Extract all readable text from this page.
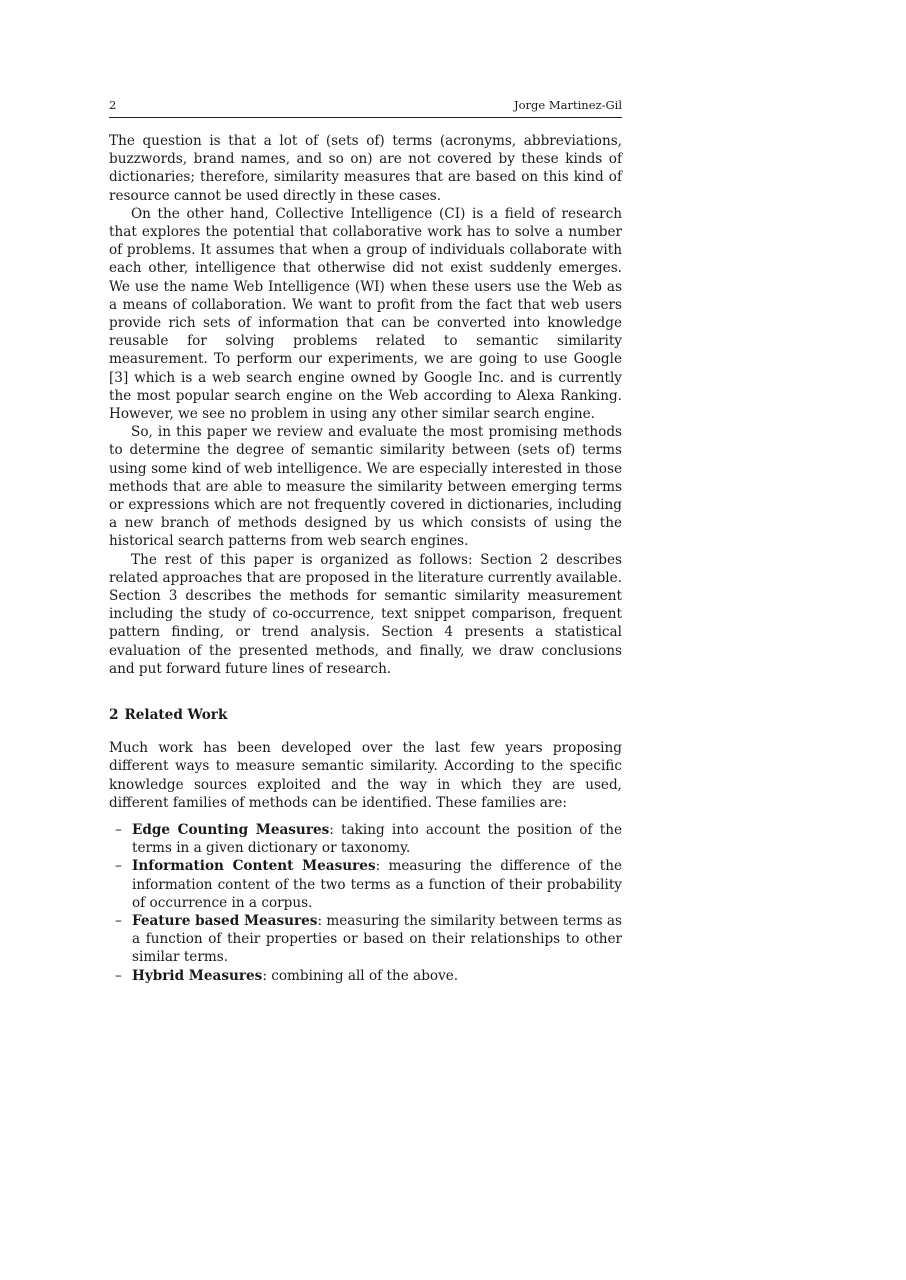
2	Jorge Martinez-Gil

The question is that a lot of (sets of) terms (acronyms, abbreviations, buzzwords, brand names, and so on) are not covered by these kinds of dictionaries; therefore, similarity measures that are based on this kind of resource cannot be used directly in these cases.

On the other hand, Collective Intelligence (CI) is a field of research that explores the potential that collaborative work has to solve a number of problems. It assumes that when a group of individuals collaborate with each other, intelligence that otherwise did not exist suddenly emerges. We use the name Web Intelligence (WI) when these users use the Web as a means of collaboration. We want to profit from the fact that web users provide rich sets of information that can be converted into knowledge reusable for solving problems related to semantic similarity measurement. To perform our experiments, we are going to use Google [3] which is a web search engine owned by Google Inc. and is currently the most popular search engine on the Web according to Alexa Ranking. However, we see no problem in using any other similar search engine.

So, in this paper we review and evaluate the most promising methods to determine the degree of semantic similarity between (sets of) terms using some kind of web intelligence. We are especially interested in those methods that are able to measure the similarity between emerging terms or expressions which are not frequently covered in dictionaries, including a new branch of methods designed by us which consists of using the historical search patterns from web search engines.

The rest of this paper is organized as follows: Section 2 describes related approaches that are proposed in the literature currently available. Section 3 describes the methods for semantic similarity measurement including the study of co-occurrence, text snippet comparison, frequent pattern finding, or trend analysis. Section 4 presents a statistical evaluation of the presented methods, and finally, we draw conclusions and put forward future lines of research.

2 Related Work

Much work has been developed over the last few years proposing different ways to measure semantic similarity. According to the specific knowledge sources exploited and the way in which they are used, different families of methods can be identified. These families are:

– Edge Counting Measures: taking into account the position of the terms in a given dictionary or taxonomy.
– Information Content Measures: measuring the difference of the information content of the two terms as a function of their probability of occurrence in a corpus.
– Feature based Measures: measuring the similarity between terms as a function of their properties or based on their relationships to other similar terms.
– Hybrid Measures: combining all of the above.
